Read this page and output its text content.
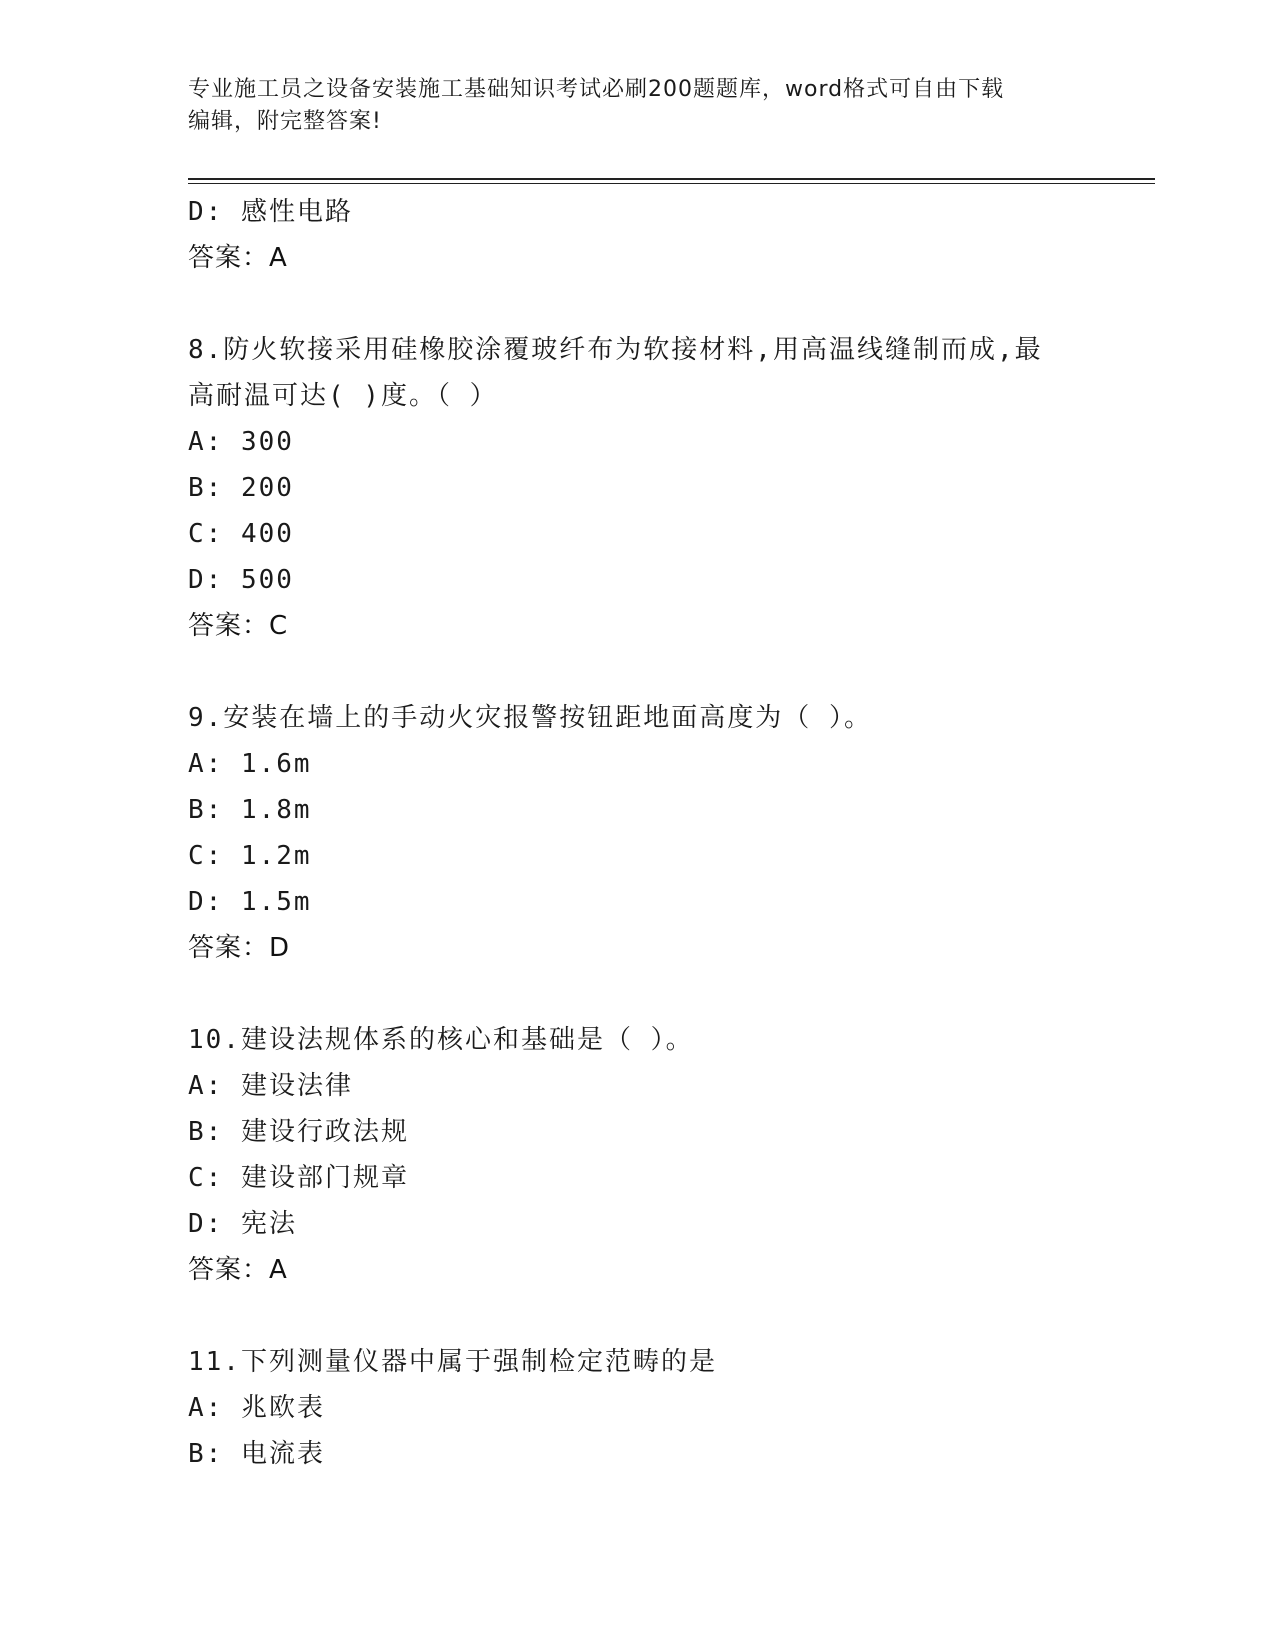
专业施工员之设备安装施工基础知识考试必刷200题题库，word格式可自由下载
编辑，附完整答案!
D: 感性电路
答案：A
8.防火软接采用硅橡胶涂覆玻纤布为软接材料,用高温线缝制而成,最
高耐温可达( )度。（ ）
A: 300
B: 200
C: 400
D: 500
答案：C
9.安装在墙上的手动火灾报警按钮距地面高度为（ ）。
A: 1.6m
B: 1.8m
C: 1.2m
D: 1.5m
答案：D
10.建设法规体系的核心和基础是（ ）。
A: 建设法律
B: 建设行政法规
C: 建设部门规章
D: 宪法
答案：A
11.下列测量仪器中属于强制检定范畴的是
A: 兆欧表
B: 电流表
